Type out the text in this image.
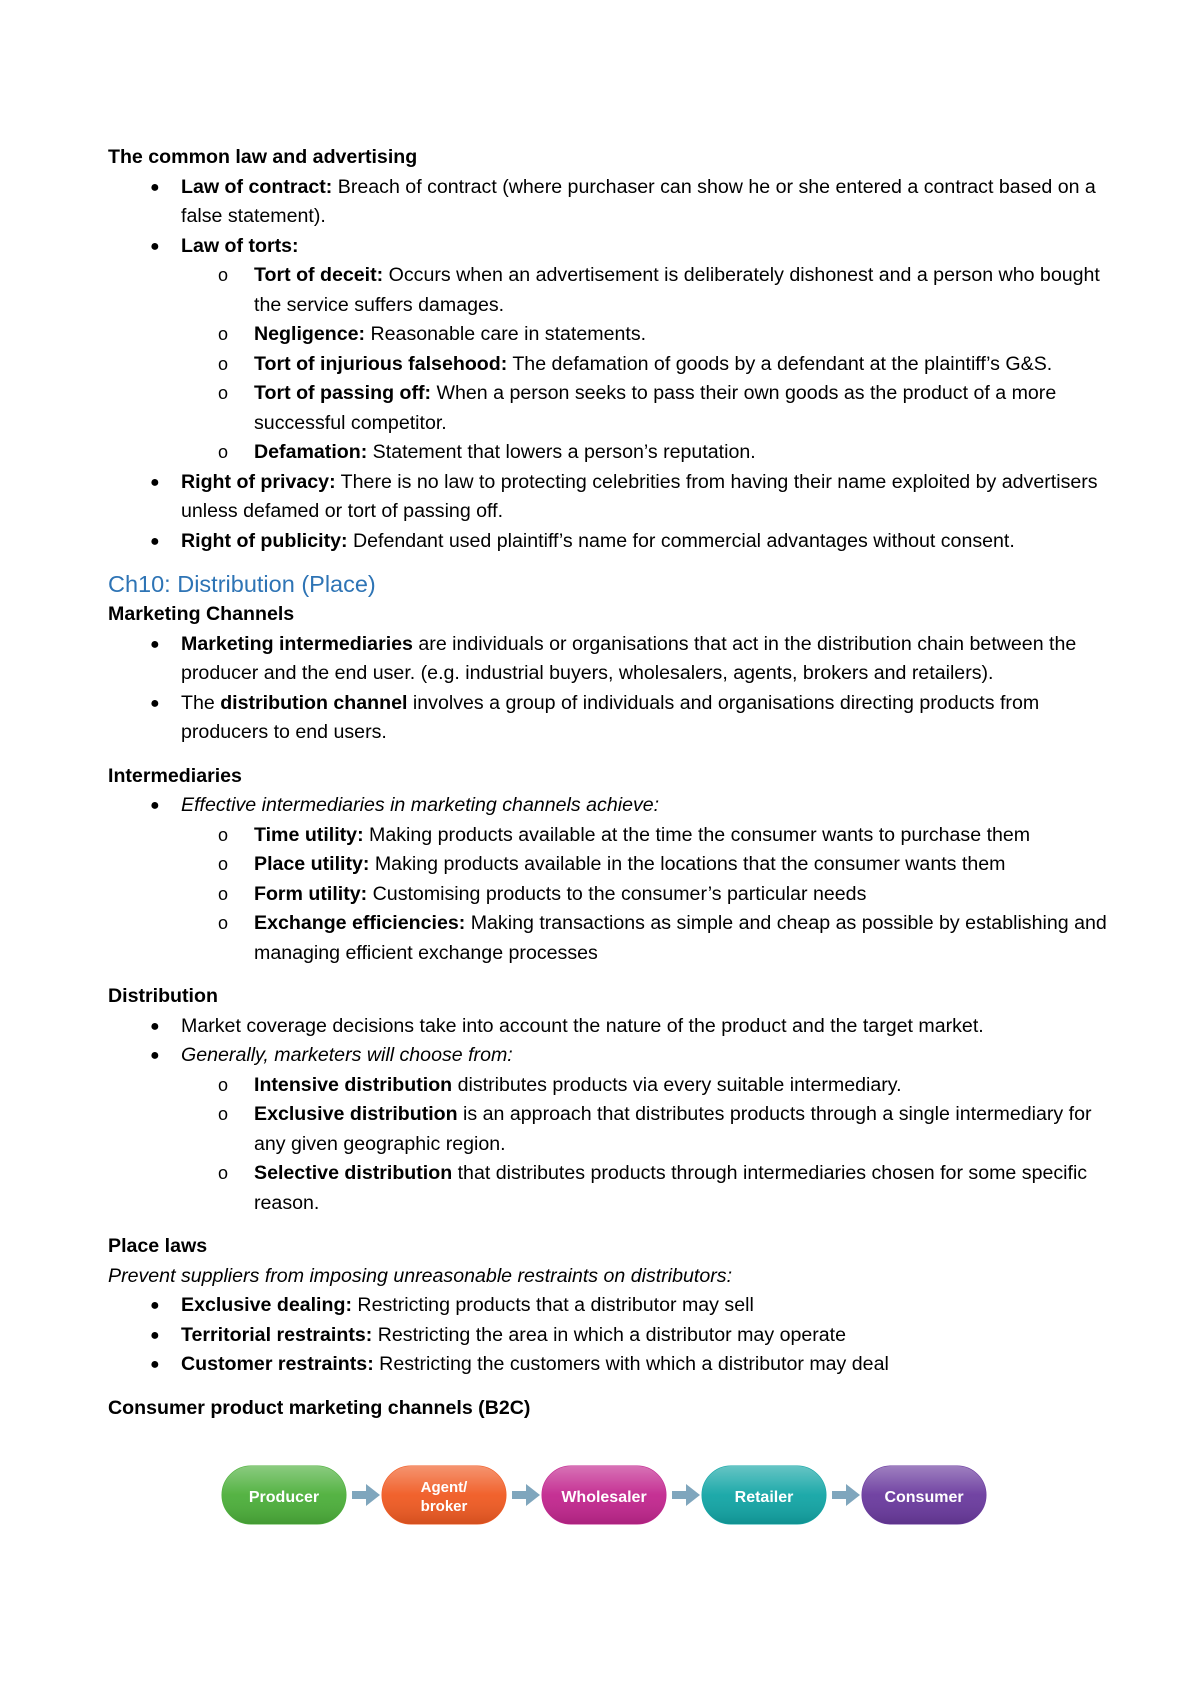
The common law and advertising

● Law of contract: Breach of contract (where purchaser can show he or she entered a contract based on a false statement).
● Law of torts:
o Tort of deceit: Occurs when an advertisement is deliberately dishonest and a person who bought the service suffers damages.
o Negligence: Reasonable care in statements.
o Tort of injurious falsehood: The defamation of goods by a defendant at the plaintiff’s G&S.
o Tort of passing off: When a person seeks to pass their own goods as the product of a more successful competitor.
o Defamation: Statement that lowers a person’s reputation.
● Right of privacy: There is no law to protecting celebrities from having their name exploited by advertisers unless defamed or tort of passing off.
● Right of publicity: Defendant used plaintiff’s name for commercial advantages without consent.

Ch10: Distribution (Place)

Marketing Channels

● Marketing intermediaries are individuals or organisations that act in the distribution chain between the producer and the end user. (e.g. industrial buyers, wholesalers, agents, brokers and retailers).
● The distribution channel involves a group of individuals and organisations directing products from producers to end users.

Intermediaries

● Effective intermediaries in marketing channels achieve:
o Time utility: Making products available at the time the consumer wants to purchase them
o Place utility: Making products available in the locations that the consumer wants them
o Form utility: Customising products to the consumer’s particular needs
o Exchange efficiencies: Making transactions as simple and cheap as possible by establishing and managing efficient exchange processes

Distribution

● Market coverage decisions take into account the nature of the product and the target market.
● Generally, marketers will choose from:
o Intensive distribution distributes products via every suitable intermediary.
o Exclusive distribution is an approach that distributes products through a single intermediary for any given geographic region.
o Selective distribution that distributes products through intermediaries chosen for some specific reason.

Place laws

Prevent suppliers from imposing unreasonable restraints on distributors:

● Exclusive dealing: Restricting products that a distributor may sell
● Territorial restraints: Restricting the area in which a distributor may operate
● Customer restraints: Restricting the customers with which a distributor may deal

Consumer product marketing channels (B2C)

Producer
Agent/
broker
Wholesaler	Retailer	Consumer
